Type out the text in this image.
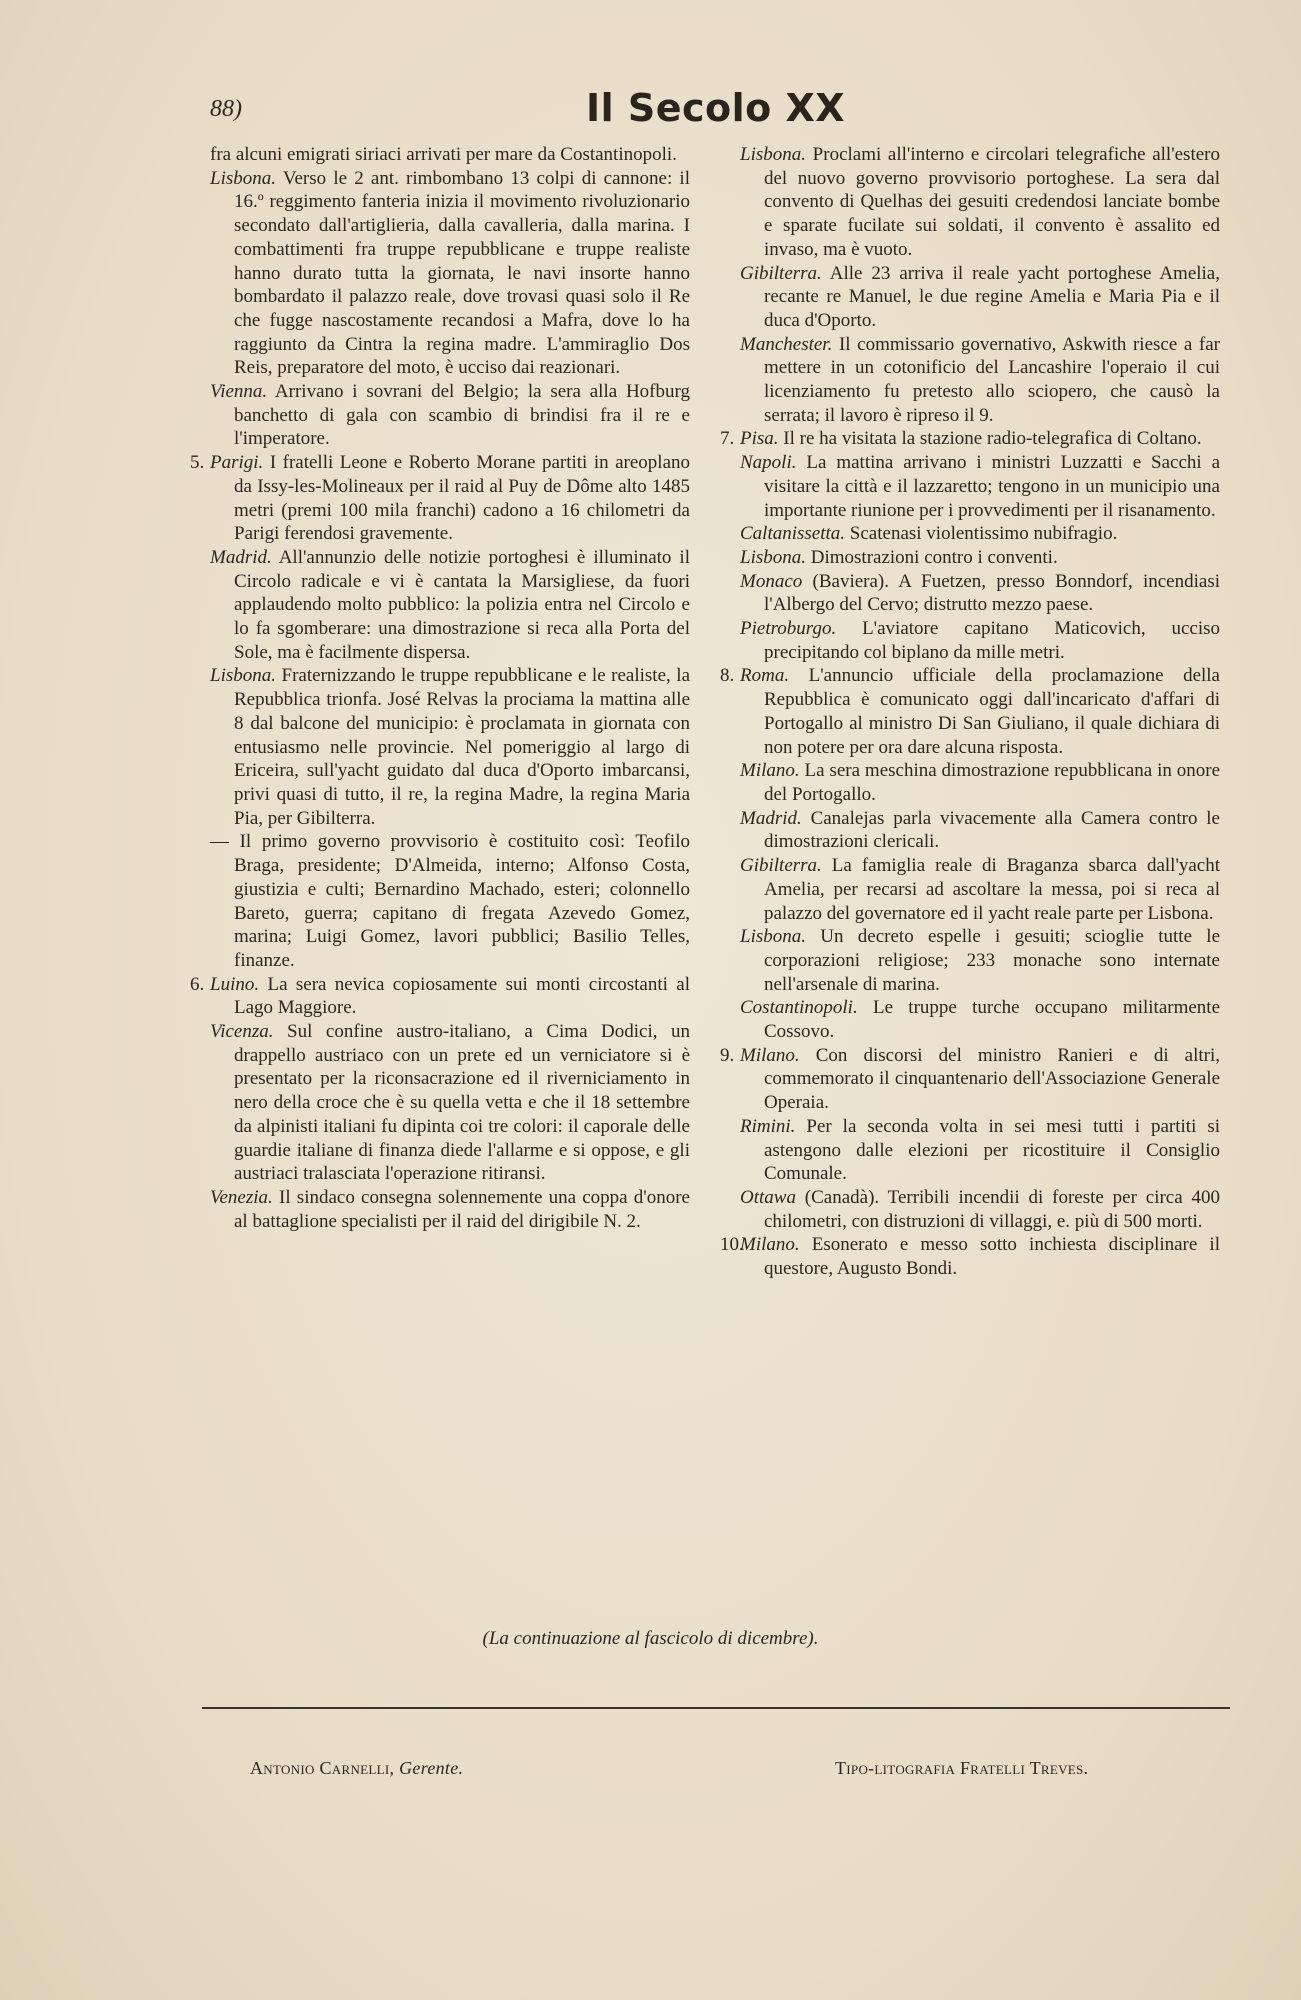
88)	Il Secolo XX

fra alcuni emigrati siriaci arrivati per mare da Costantinopoli.

Lisbona. Verso le 2 ant. rimbombano 13 colpi di cannone: il 16.º reggimento fanteria inizia il movimento rivoluzionario secondato dall'artiglieria, dalla cavalleria, dalla marina. I combattimenti fra truppe repubblicane e truppe realiste hanno durato tutta la giornata, le navi insorte hanno bombardato il palazzo reale, dove trovasi quasi solo il Re che fugge nascostamente recandosi a Mafra, dove lo ha raggiunto da Cintra la regina madre. L'ammiraglio Dos Reis, preparatore del moto, è ucciso dai reazionari.

Vienna. Arrivano i sovrani del Belgio; la sera alla Hofburg banchetto di gala con scambio di brindisi fra il re e l'imperatore.

5. Parigi. I fratelli Leone e Roberto Morane partiti in areoplano da Issy-les-Molineaux per il raid al Puy de Dôme alto 1485 metri (premi 100 mila franchi) cadono a 16 chilometri da Parigi ferendosi gravemente.

Madrid. All'annunzio delle notizie portoghesi è illuminato il Circolo radicale e vi è cantata la Marsigliese, da fuori applaudendo molto pubblico: la polizia entra nel Circolo e lo fa sgomberare: una dimostrazione si reca alla Porta del Sole, ma è facilmente dispersa.

Lisbona. Fraternizzando le truppe repubblicane e le realiste, la Repubblica trionfa. José Relvas la prociama la mattina alle 8 dal balcone del municipio: è proclamata in giornata con entusiasmo nelle provincie. Nel pomeriggio al largo di Ericeira, sull'yacht guidato dal duca d'Oporto imbarcansi, privi quasi di tutto, il re, la regina Madre, la regina Maria Pia, per Gibilterra.

— Il primo governo provvisorio è costituito così: Teofilo Braga, presidente; D'Almeida, interno; Alfonso Costa, giustizia e culti; Bernardino Machado, esteri; colonnello Bareto, guerra; capitano di fregata Azevedo Gomez, marina; Luigi Gomez, lavori pubblici; Basilio Telles, finanze.

6. Luino. La sera nevica copiosamente sui monti circostanti al Lago Maggiore.

Vicenza. Sul confine austro-italiano, a Cima Dodici, un drappello austriaco con un prete ed un verniciatore si è presentato per la riconsacrazione ed il riverniciamento in nero della croce che è su quella vetta e che il 18 settembre da alpinisti italiani fu dipinta coi tre colori: il caporale delle guardie italiane di finanza diede l'allarme e si oppose, e gli austriaci tralasciata l'operazione ritiransi.

Venezia. Il sindaco consegna solennemente una coppa d'onore al battaglione specialisti per il raid del dirigibile N. 2.

Lisbona. Proclami all'interno e circolari telegrafiche all'estero del nuovo governo provvisorio portoghese. La sera dal convento di Quelhas dei gesuiti credendosi lanciate bombe e sparate fucilate sui soldati, il convento è assalito ed invaso, ma è vuoto.

Gibilterra. Alle 23 arriva il reale yacht portoghese Amelia, recante re Manuel, le due regine Amelia e Maria Pia e il duca d'Oporto.

Manchester. Il commissario governativo, Askwith riesce a far mettere in un cotonificio del Lancashire l'operaio il cui licenziamento fu pretesto allo sciopero, che causò la serrata; il lavoro è ripreso il 9.

7. Pisa. Il re ha visitata la stazione radio-telegrafica di Coltano.

Napoli. La mattina arrivano i ministri Luzzatti e Sacchi a visitare la città e il lazzaretto; tengono in un municipio una importante riunione per i provvedimenti per il risanamento.

Caltanissetta. Scatenasi violentissimo nubifragio.

Lisbona. Dimostrazioni contro i conventi.

Monaco (Baviera). A Fuetzen, presso Bonndorf, incendiasi l'Albergo del Cervo; distrutto mezzo paese.

Pietroburgo. L'aviatore capitano Maticovich, ucciso precipitando col biplano da mille metri.

8. Roma. L'annuncio ufficiale della proclamazione della Repubblica è comunicato oggi dall'incaricato d'affari di Portogallo al ministro Di San Giuliano, il quale dichiara di non potere per ora dare alcuna risposta.

Milano. La sera meschina dimostrazione repubblicana in onore del Portogallo.

Madrid. Canalejas parla vivacemente alla Camera contro le dimostrazioni clericali.

Gibilterra. La famiglia reale di Braganza sbarca dall'yacht Amelia, per recarsi ad ascoltare la messa, poi si reca al palazzo del governatore ed il yacht reale parte per Lisbona.

Lisbona. Un decreto espelle i gesuiti; scioglie tutte le corporazioni religiose; 233 monache sono internate nell'arsenale di marina.

Costantinopoli. Le truppe turche occupano militarmente Cossovo.

9. Milano. Con discorsi del ministro Ranieri e di altri, commemorato il cinquantenario dell'Associazione Generale Operaia.

Rimini. Per la seconda volta in sei mesi tutti i partiti si astengono dalle elezioni per ricostituire il Consiglio Comunale.

Ottawa (Canadà). Terribili incendii di foreste per circa 400 chilometri, con distruzioni di villaggi, e. più di 500 morti.

10.Milano. Esonerato e messo sotto inchiesta disciplinare il questore, Augusto Bondi.

(La continuazione al fascicolo di dicembre).
Antonio Carnelli, Gerente.	Tipo-litografia Fratelli Treves.
